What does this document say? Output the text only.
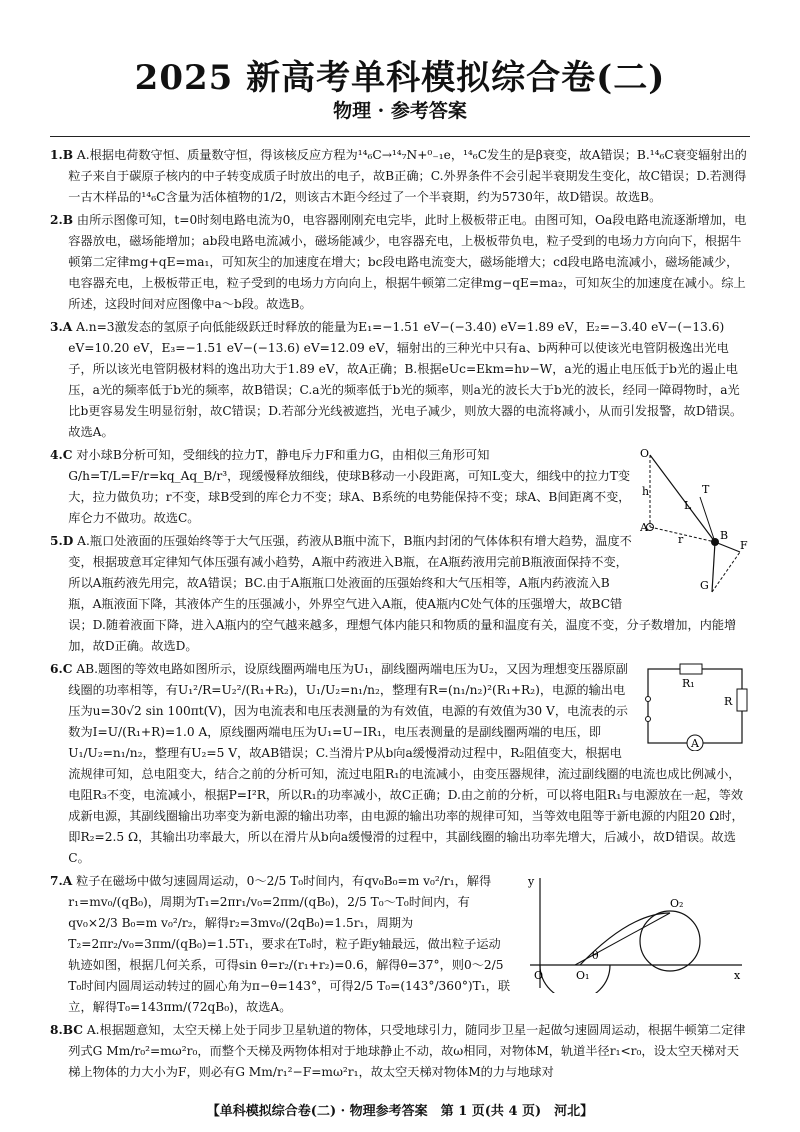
2025 新高考单科模拟综合卷(二)
物理 · 参考答案

1.B A.根据电荷数守恒、质量数守恒，得该核反应方程为¹⁴₆C→¹⁴₇N+⁰₋₁e，¹⁴₆C发生的是β衰变，故A错误；B.¹⁴₆C衰变辐射出的粒子来自于碳原子核内的中子转变成质子时放出的电子，故B正确；C.外界条件不会引起半衰期发生变化，故C错误；D.若测得一古木样品的¹⁴₆C含量为活体植物的1/2，则该古木距今经过了一个半衰期，约为5730年，故D错误。故选B。

2.B 由所示图像可知，t=0时刻电路电流为0，电容器刚刚充电完毕，此时上极板带正电。由图可知，Oa段电路电流逐渐增加，电容器放电，磁场能增加；ab段电路电流减小，磁场能减少，电容器充电，上极板带负电，粒子受到的电场力方向向下，根据牛顿第二定律mg+qE=ma₁，可知灰尘的加速度在增大；bc段电路电流变大，磁场能增大；cd段电路电流减小，磁场能减少，电容器充电，上极板带正电，粒子受到的电场力方向向上，根据牛顿第二定律mg−qE=ma₂，可知灰尘的加速度在减小。综上所述，这段时间对应图像中a～b段。故选B。

3.A A.n=3激发态的氢原子向低能级跃迁时释放的能量为E₁=−1.51 eV−(−3.40) eV=1.89 eV，E₂=−3.40 eV−(−13.6) eV=10.20 eV，E₃=−1.51 eV−(−13.6) eV=12.09 eV，辐射出的三种光中只有a、b两种可以使该光电管阴极逸出光电子，所以该光电管阴极材料的逸出功大于1.89 eV，故A正确；B.根据eUc=Ekm=hν−W，a光的遏止电压低于b光的遏止电压，a光的频率低于b光的频率，故B错误；C.a光的频率低于b光的频率，则a光的波长大于b光的波长，经同一障碍物时，a光比b更容易发生明显衍射，故C错误；D.若部分光线被遮挡，光电子减少，则放大器的电流将减小，从而引发报警，故D错误。故选A。

O
h
A
L
T
r	B
F
G

4.C 对小球B分析可知，受细线的拉力T，静电斥力F和重力G，由相似三角形可知G/h=T/L=F/r=kq_Aq_B/r³，现缓慢释放细线，使球B移动一小段距离，可知L变大，细线中的拉力T变大，拉力做负功；r不变，球B受到的库仑力不变；球A、B系统的电势能保持不变；球A、B间距离不变，库仑力不做功。故选C。

5.D A.瓶口处液面的压强始终等于大气压强，药液从B瓶中流下，B瓶内封闭的气体体积有增大趋势，温度不变，根据玻意耳定律知气体压强有减小趋势，A瓶中药液进入B瓶，在A瓶药液用完前B瓶液面保持不变，所以A瓶药液先用完，故A错误；BC.由于A瓶瓶口处液面的压强始终和大气压相等，A瓶内药液流入B瓶，A瓶液面下降，其液体产生的压强减小，外界空气进入A瓶，使A瓶内C处气体的压强增大，故BC错误；D.随着液面下降，进入A瓶内的空气越来越多，理想气体内能只和物质的量和温度有关，温度不变，分子数增加，内能增加，故D正确。故选D。

R₁
R
A

6.C AB.题图的等效电路如图所示，设原线圈两端电压为U₁，副线圈两端电压为U₂，又因为理想变压器原副线圈的功率相等，有U₁²/R=U₂²/(R₁+R₂)，U₁/U₂=n₁/n₂，整理有R=(n₁/n₂)²(R₁+R₂)，电源的输出电压为u=30√2 sin 100πt(V)，因为电流表和电压表测量的为有效值，电源的有效值为30 V，电流表的示数为I=U/(R₁+R)=1.0 A，原线圈两端电压为U₁=U−IR₁，电压表测量的是副线圈两端的电压，即U₁/U₂=n₁/n₂，整理有U₂=5 V，故AB错误；C.当滑片P从b向a缓慢滑动过程中，R₂阻值变大，根据电流规律可知，总电阻变大，结合之前的分析可知，流过电阻R₁的电流减小，由变压器规律，流过副线圈的电流也成比例减小，电阻R₃不变，电流减小，根据P=I²R，所以R₁的功率减小，故C正确；D.由之前的分析，可以将电阻R₁与电源放在一起，等效成新电源，其副线圈输出功率变为新电源的输出功率，由电源的输出功率的规律可知，当等效电阻等于新电源的内阻20 Ω时，即R₂=2.5 Ω，其输出功率最大，所以在滑片从b向a缓慢滑的过程中，其副线圈的输出功率先增大，后减小，故D错误。故选C。

y
O₂
θ
O	O₁	x

7.A 粒子在磁场中做匀速圆周运动，0～2/5 T₀时间内，有qv₀B₀=m v₀²/r₁，解得r₁=mv₀/(qB₀)，周期为T₁=2πr₁/v₀=2πm/(qB₀)，2/5 T₀～T₀时间内，有qv₀×2/3 B₀=m v₀²/r₂，解得r₂=3mv₀/(2qB₀)=1.5r₁，周期为T₂=2πr₂/v₀=3πm/(qB₀)=1.5T₁，要求在T₀时，粒子距y轴最远，做出粒子运动轨迹如图，根据几何关系，可得sin θ=r₂/(r₁+r₂)=0.6，解得θ=37°，则0～2/5 T₀时间内圆周运动转过的圆心角为π−θ=143°，可得2/5 T₀=(143°/360°)T₁，联立，解得T₀=143πm/(72qB₀)，故选A。

8.BC A.根据题意知，太空天梯上处于同步卫星轨道的物体，只受地球引力，随同步卫星一起做匀速圆周运动，根据牛顿第二定律列式G Mm/r₀²=mω²r₀，而整个天梯及两物体相对于地球静止不动，故ω相同，对物体M，轨道半径r₁<r₀，设太空天梯对天梯上物体的力大小为F，则必有G Mm/r₁²−F=mω²r₁，故太空天梯对物体M的力与地球对

【单科模拟综合卷(二) · 物理参考答案　第 1 页(共 4 页)　河北】
